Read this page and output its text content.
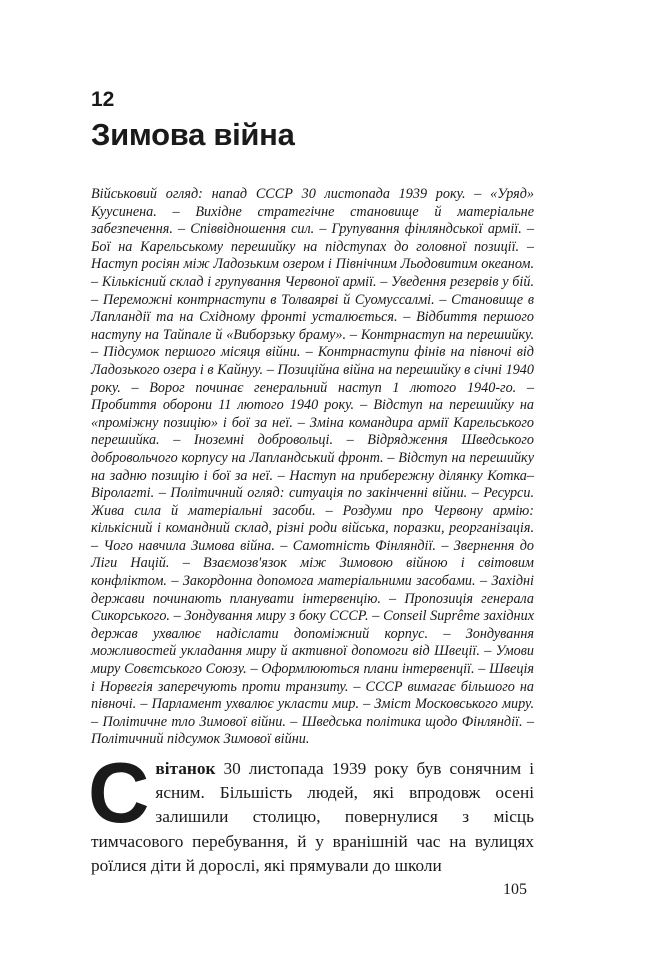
12
Зимова війна

Військовий огляд: напад СССР 30 листопада 1939 року. – «Уряд» Куусинена. – Вихідне стратегічне становище й матеріальне забезпечення. – Співвідношення сил. – Групування фінляндської армії. – Бої на Карельському перешийку на підступах до головної позиції. – Наступ росіян між Ладозьким озером і Північним Льодовитим океаном. – Кількісний склад і групування Червоної армії. – Уведення резервів у бій. – Переможні контрнаступи в Толваярві й Суомуссалмі. – Становище в Лапландії та на Східному фронті усталюється. – Відбиття першого наступу на Тайпале й «Виборзьку браму». – Контрнаступ на перешийку. – Підсумок першого місяця війни. – Контрнаступи фінів на півночі від Ладозького озера і в Кайнуу. – Позиційна війна на перешийку в січні 1940 року. – Ворог починає генеральний наступ 1 лютого 1940-го. – Пробиття оборони 11 лютого 1940 року. – Відступ на перешийку на «проміжну позицію» і бої за неї. – Зміна командира армії Карельського перешийка. – Іноземні добровольці. – Відрядження Шведського добровольчого корпусу на Лапландський фронт. – Відступ на перешийку на задню позицію і бої за неї. – Наступ на прибережну ділянку Котка–Віролагті. – Політичний огляд: ситуація по закінченні війни. – Ресурси. Жива сила й матеріальні засоби. – Роздуми про Червону армію: кількісний і командний склад, різні роди війська, поразки, реорганізація. – Чого навчила Зимова війна. – Самотність Фінляндії. – Звернення до Ліги Націй. – Взаємозв'язок між Зимовою війною і світовим конфліктом. – Закордонна допомога матеріальними засобами. – Західні держави починають планувати інтервенцію. – Пропозиція генерала Сикорського. – Зондування миру з боку СССР. – Conseil Suprême західних держав ухвалює надіслати допоміжний корпус. – Зондування можливостей укладання миру й активної допомоги від Швеції. – Умови миру Совєтського Союзу. – Оформлюються плани інтервенції. – Швеція і Норвегія заперечують проти транзиту. – СССР вимагає більшого на півночі. – Парламент ухвалює укласти мир. – Зміст Московського миру. – Політичне тло Зимової війни. – Шведська політика щодо Фінляндії. – Політичний підсумок Зимової війни.

Світанок 30 листопада 1939 року був сонячним і ясним. Більшість людей, які впродовж осені залишили столицю, повернулися з місць тимчасового перебування, й у вранішній час на вулицях роїлися діти й дорослі, які прямували до школи

105
